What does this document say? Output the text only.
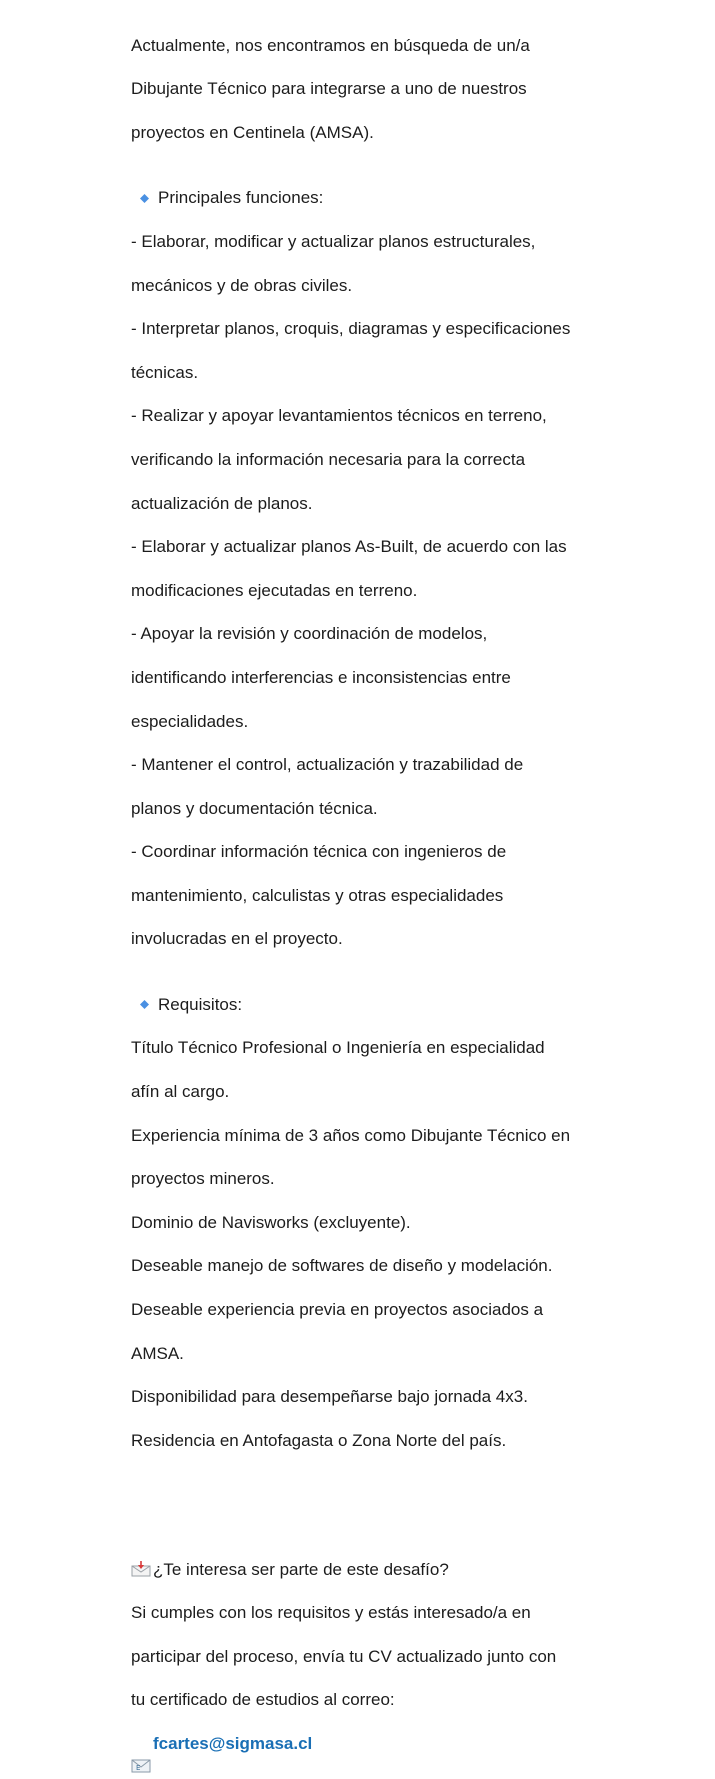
Actualmente, nos encontramos en búsqueda de un/a

Dibujante Técnico para integrarse a uno de nuestros

proyectos en Centinela (AMSA).

Principales funciones:

- Elaborar, modificar y actualizar planos estructurales,

mecánicos y de obras civiles.

- Interpretar planos, croquis, diagramas y especificaciones

técnicas.

- Realizar y apoyar levantamientos técnicos en terreno,

verificando la información necesaria para la correcta

actualización de planos.

- Elaborar y actualizar planos As-Built, de acuerdo con las

modificaciones ejecutadas en terreno.

- Apoyar la revisión y coordinación de modelos,

identificando interferencias e inconsistencias entre

especialidades.

- Mantener el control, actualización y trazabilidad de

planos y documentación técnica.

- Coordinar información técnica con ingenieros de

mantenimiento, calculistas y otras especialidades

involucradas en el proyecto.

Requisitos:

Título Técnico Profesional o Ingeniería en especialidad

afín al cargo.

Experiencia mínima de 3 años como Dibujante Técnico en

proyectos mineros.

Dominio de Navisworks (excluyente).

Deseable manejo de softwares de diseño y modelación.

Deseable experiencia previa en proyectos asociados a

AMSA.

Disponibilidad para desempeñarse bajo jornada 4x3.

Residencia en Antofagasta o Zona Norte del país.

¿Te interesa ser parte de este desafío?

Si cumples con los requisitos y estás interesado/a en

participar del proceso, envía tu CV actualizado junto con

tu certificado de estudios al correo:

E

fcartes@sigmasa.cl
